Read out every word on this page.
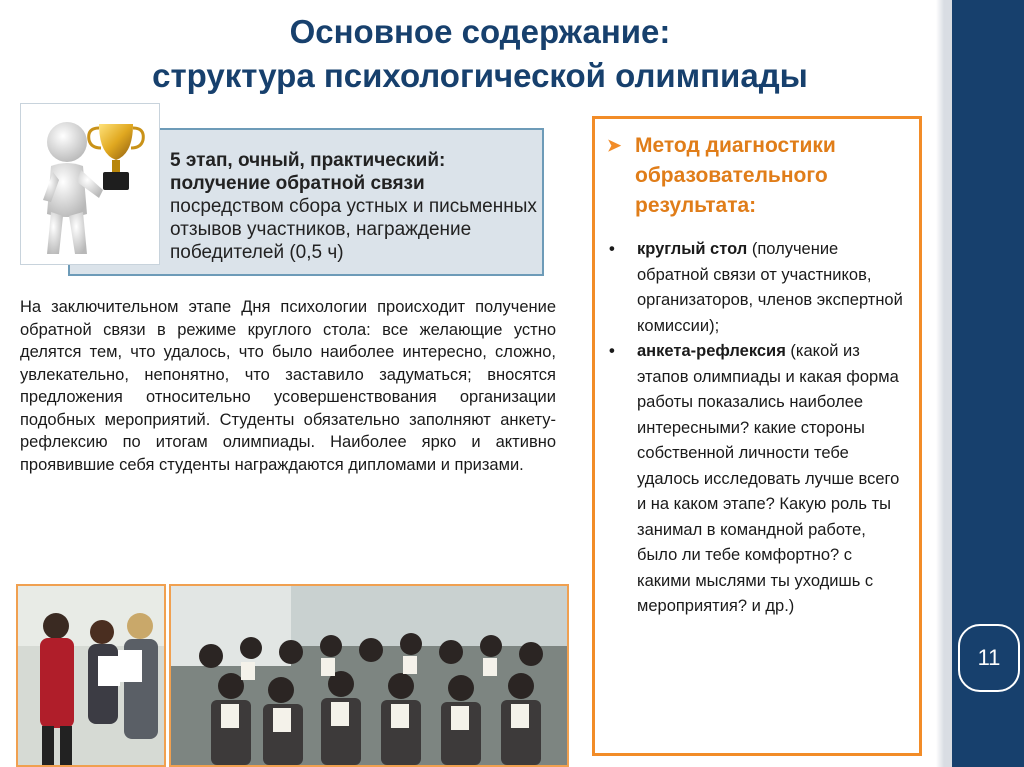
11
Основное содержание:
структура психологической олимпиады
5 этап, очный, практический:
получение обратной связи
посредством сбора устных и письменных отзывов участников, награждение победителей (0,5 ч)
На заключительном этапе Дня психологии происходит получение обратной связи в режиме круглого стола: все желающие устно делятся тем, что удалось, что было наиболее интересно, сложно, увлекательно, непонятно, что заставило задуматься; вносятся предложения относительно усовершенствования организации подобных мероприятий. Студенты обязательно заполняют анкету-рефлексию по итогам олимпиады. Наиболее ярко и активно проявившие себя студенты награждаются дипломами и призами.
➤ Метод диагностики образовательного результата:
• круглый стол (получение обратной связи от участников, организаторов, членов экспертной комиссии);
• анкета-рефлексия (какой из этапов олимпиады и какая форма работы показались наиболее интересными? какие стороны собственной личности тебе удалось исследовать лучше всего и на каком этапе? Какую роль ты занимал в командной работе, было ли тебе комфортно? с какими мыслями ты уходишь с мероприятия? и др.)
